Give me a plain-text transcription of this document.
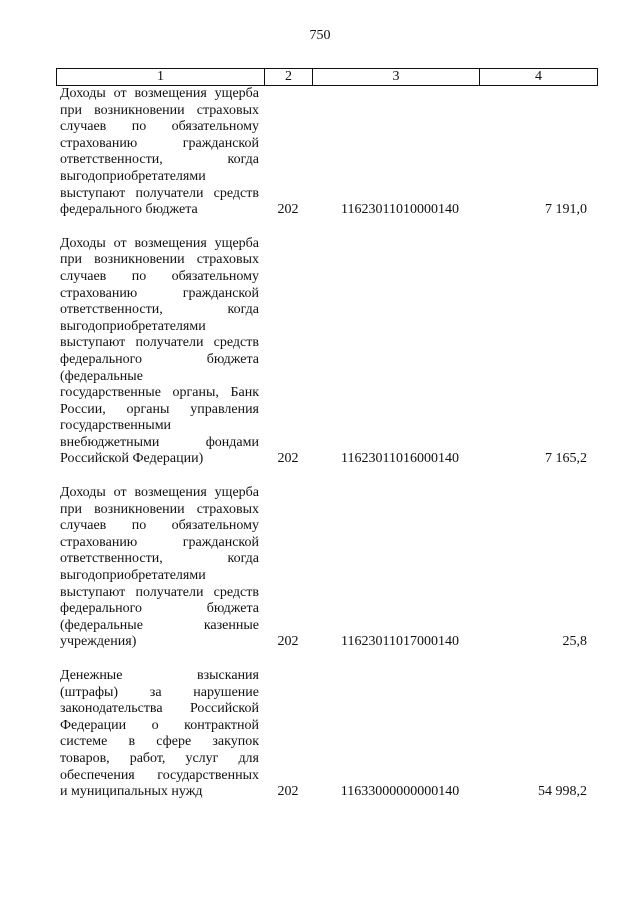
750
1	2	3	4
Доходы от возмещения ущерба
при возникновении страховых
случаев по обязательному
страхованию гражданской
ответственности, когда
выгодоприобретателями
выступают получатели средств
федерального бюджета	202	11623011010000140	7 191,0
Доходы от возмещения ущерба
при возникновении страховых
случаев по обязательному
страхованию гражданской
ответственности, когда
выгодоприобретателями
выступают получатели средств
федерального бюджета
(федеральные
государственные органы, Банк
России, органы управления
государственными
внебюджетными фондами
Российской Федерации)	202	11623011016000140	7 165,2
Доходы от возмещения ущерба
при возникновении страховых
случаев по обязательному
страхованию гражданской
ответственности, когда
выгодоприобретателями
выступают получатели средств
федерального бюджета
(федеральные казенные
учреждения)	202	11623011017000140	25,8
Денежные взыскания
(штрафы) за нарушение
законодательства Российской
Федерации о контрактной
системе в сфере закупок
товаров, работ, услуг для
обеспечения государственных
и муниципальных нужд	202	11633000000000140	54 998,2
